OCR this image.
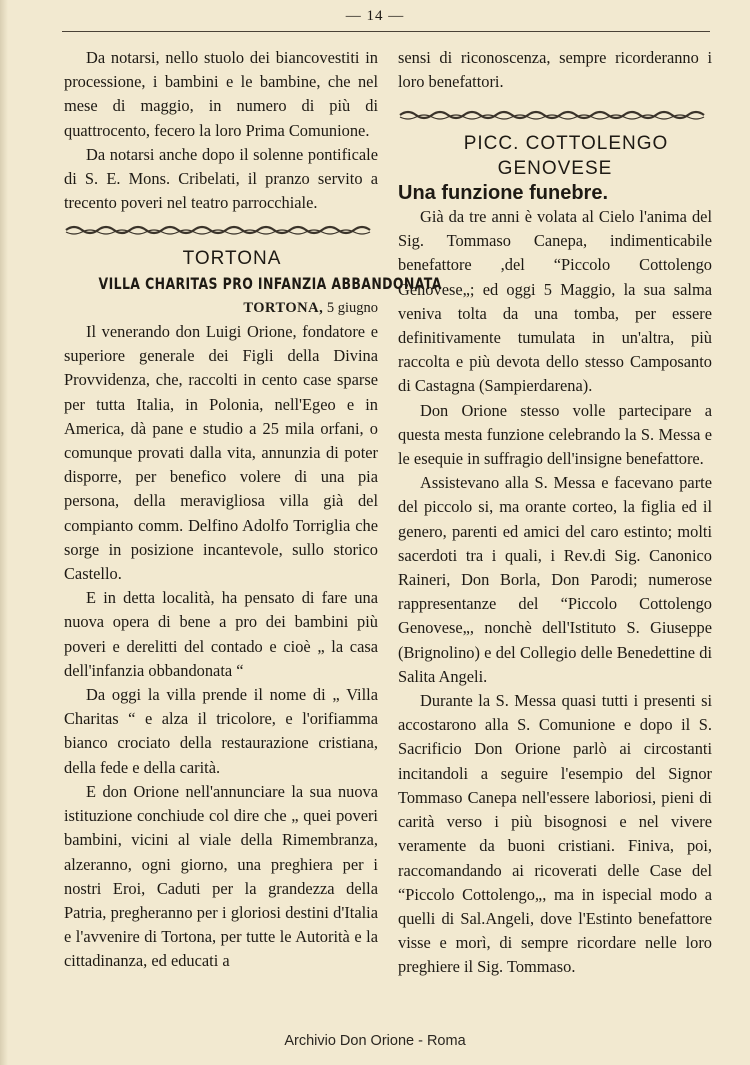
— 14 —

Da notarsi, nello stuolo dei biancovestiti in processione, i bambini e le bambine, che nel mese di maggio, in numero di più di quattrocento, fecero la loro Prima Comunione.

Da notarsi anche dopo il solenne pontificale di S. E. Mons. Cribelati, il pranzo servito a trecento poveri nel teatro parrocchiale.

TORTONA

VILLA CHARITAS PRO INFANZIA ABBANDONATA

TORTONA, 5 giugno

Il venerando don Luigi Orione, fondatore e superiore generale dei Figli della Divina Provvidenza, che, raccolti in cento case sparse per tutta Italia, in Polonia, nell'Egeo e in America, dà pane e studio a 25 mila orfani, o comunque provati dalla vita, annunzia di poter disporre, per benefico volere di una pia persona, della meravigliosa villa già del compianto comm. Delfino Adolfo Torriglia che sorge in posizione incantevole, sullo storico Castello.

E in detta località, ha pensato di fare una nuova opera di bene a pro dei bambini più poveri e derelitti del contado e cioè „ la casa dell'infanzia obbandonata “

Da oggi la villa prende il nome di „ Villa Charitas “ e alza il tricolore, e l'orifiamma bianco crociato della restaurazione cristiana, della fede e della carità.

E don Orione nell'annunciare la sua nuova istituzione conchiude col dire che „ quei poveri bambini, vicini al viale della Rimembranza, alzeranno, ogni giorno, una preghiera per i nostri Eroi, Caduti per la grandezza della Patria, pregheranno per i gloriosi destini d'Italia e l'avvenire di Tortona, per tutte le Autorità e la cittadinanza, ed educati a

sensi di riconoscenza, sempre ricorderanno i loro benefattori.

PICC. COTTOLENGO GENOVESE

Una funzione funebre.

Già da tre anni è volata al Cielo l'anima del Sig. Tommaso Canepa, indimenticabile benefattore ,del “Piccolo Cottolengo Genovese„; ed oggi 5 Maggio, la sua salma veniva tolta da una tomba, per essere definitivamente tumulata in un'altra, più raccolta e più devota dello stesso Camposanto di Castagna (Sampierdarena).

Don Orione stesso volle partecipare a questa mesta funzione celebrando la S. Messa e le esequie in suffragio dell'insigne benefattore.

Assistevano alla S. Messa e facevano parte del piccolo si, ma orante corteo, la figlia ed il genero, parenti ed amici del caro estinto; molti sacerdoti tra i quali, i Rev.di Sig. Canonico Raineri, Don Borla, Don Parodi; numerose rappresentanze del “Piccolo Cottolengo Genovese„, nonchè dell'Istituto S. Giuseppe (Brignolino) e del Collegio delle Benedettine di Salita Angeli.

Durante la S. Messa quasi tutti i presenti si accostarono alla S. Comunione e dopo il S. Sacrificio Don Orione parlò ai circostanti incitandoli a seguire l'esempio del Signor Tommaso Canepa nell'essere laboriosi, pieni di carità verso i più bisognosi e nel vivere veramente da buoni cristiani. Finiva, poi, raccomandando ai ricoverati delle Case del “Piccolo Cottolengo„, ma in ispecial modo a quelli di Sal.Angeli, dove l'Estinto benefattore visse e morì, di sempre ricordare nelle loro preghiere il Sig. Tommaso.

Archivio Don Orione - Roma
